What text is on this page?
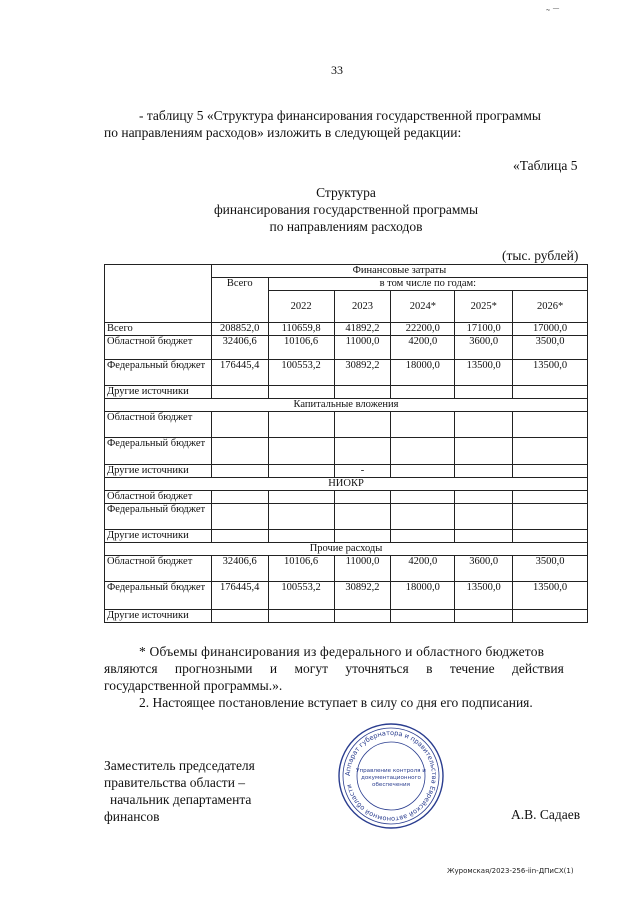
˜ ¯
33
- таблицу 5 «Структура финансирования государственной программы
по направлениям расходов» изложить в следующей редакции:
«Таблица 5
Структура
финансирования государственной программы
по направлениям расходов
(тыс. рублей)
	Финансовые затраты					
	Всего	в том числе по годам:				
		2022	2023	2024*	2025*	2026*
Всего	208852,0	110659,8	41892,2	22200,0	17100,0	17000,0
Областной бюджет	32406,6	10106,6	11000,0	4200,0	3600,0	3500,0
Федеральный бюджет	176445,4	100553,2	30892,2	18000,0	13500,0	13500,0
Другие источники						
Капитальные вложения						
Областной бюджет						
Федеральный бюджет						
Другие источники			-			
НИОКР						
Областной бюджет						
Федеральный бюджет						
Другие источники						
Прочие расходы						
Областной бюджет	32406,6	10106,6	11000,0	4200,0	3600,0	3500,0
Федеральный бюджет	176445,4	100553,2	30892,2	18000,0	13500,0	13500,0
Другие источники						
* Объемы финансирования из федерального и областного бюджетов
являются прогнозными и могут уточняться в течение действия
государственной программы.».
2. Настоящее постановление вступает в силу со дня его подписания.
Заместитель председателя
правительства области –
начальник департамента
финансов	А.В. Садаев
Аппарат губернатора и правительства Еврейской автономной области
Управление контроля и
документационного
обеспечения
Журомская/2023-256-iin-ДПиСХ(1)
